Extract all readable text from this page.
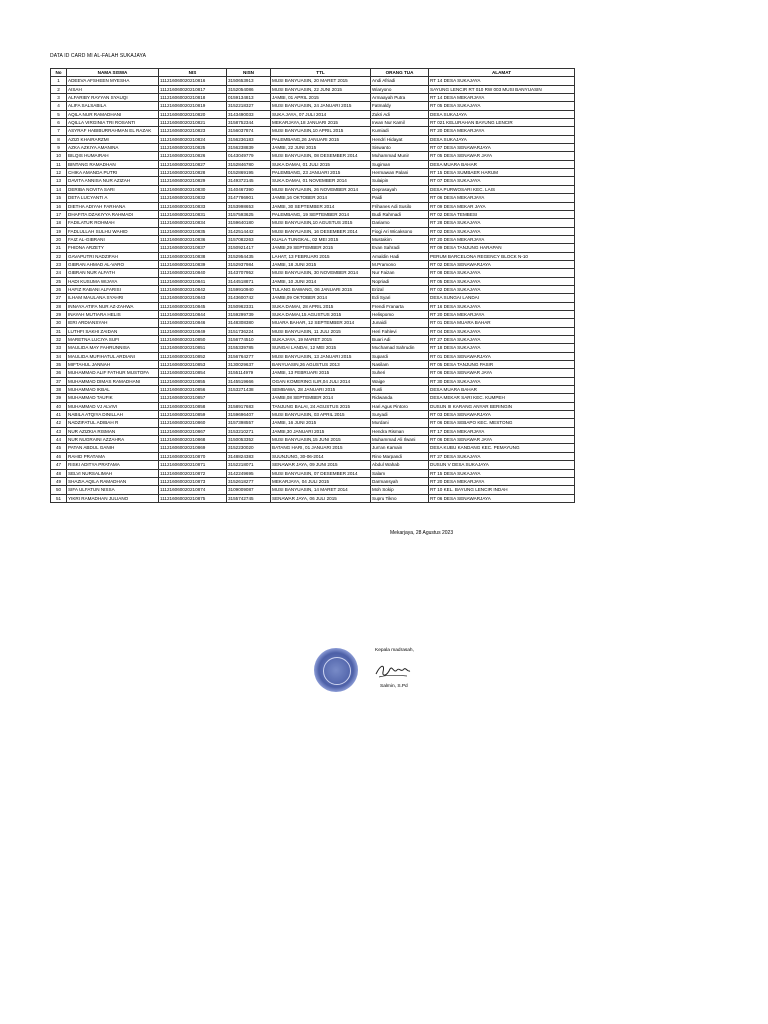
DATA ID CARD MI AL-FALAH SUKAJAYA
No	NAMA SISWA	NIS	NISN	TTL	ORANG TUA	ALAMAT
1	ADEEVA AFSHEEN MYESHA	111216060020210816	3150653913	MUSI BANYUASIN, 20 MARET 2015	Andi Afriadi	RT 14 DESA SUKAJAYA
2	AISAH	111216060020210817	3152054086	MUSI BANYUASIN, 22 JUNI 2015	Wiaryono	SAYUNG LENCIR RT 010 RW 003 MUSI BANYUASIN
3	ALFARIBY RAYYAN SYAUQI	111216060020210818	0159134813	JAMBI, 01 APRIL 2015	Armaayah Putra	RT 14 DESA MEKARJAYA
4	ALIFA SALSABILA	111216060020210819	3152218327	MUSI BANYUASIN, 24 JANUARI 2015	Fatmaldy	RT 05 DESA SUKAJAYA
5	AQILA NUR RAMADHANI	111216060020210820	3143490033	SUKA JAYA, 07 JULI 2014	Zukri Adi	DESA SUKAJAYA
6	AQILLA VIRGINIA TRI ROSANTI	111216060020210821	3158752344	MEKARJAYA,18 JANUARI 2015	Irwan Nur Kamil	RT 021 KELURAHAN BAYUNG LENCIR
7	ASYRAF HABIBURRAHMAN EL RAZAK	111216060020210823	3156037874	MUSI BANYUASIN,10 APRIL 2015	Kumiadi	RT 20 DESA MEKARJAYA
8	AZIZI KHAIRARZMI	111216060020210824	3156236183	PALEMBANG,26 JANUARI 2015	Hendri Hidayat	DESA SUKAJAYA
9	AZKA AZKIYA AMANINA	111216060020210825	3156238839	JAMBI, 22 JUNI 2015	Siswanto	RT 07 DESA SENAWARJAYA
10	BILQIS HUMAIRAH	111216060020210826	0143049779	MUSI BANYUASIN, 08 DESEMBER 2014	Muhammad Munir	RT 05 DESA SENAWAR JAYA
11	BINTANG RAMADHAN	111216060020210827	3152846780	SUKA DAMAI, 01 JULI 2015	Sugiman	DESA MUARA BAHAR
12	CHIKA AMANDA PUTRI	111216060020210828	0152869195	PALEMBANG, 23 JANUARI 2015	Hermawan Palani	RT 15 DESA SUMBAER HARUM
13	DAVITA ANNISA NUR AZIZAH	111216060020210829	3149372145	SUKA DAMAI, 01 NOVEMBER 2014	Sulaipin	RT 07 DESA SUKAJAYA
14	DERIBA NOVITA SARI	111216060020210830	3140467390	MUSI BANYUASIN, 26 NOVEMBER 2014	Deprasayah	DESA PURWOSARI KEC. LAIS
15	DETA LUCYANTI A	111216060020210832	3147786901	JAMBI,16 OKTOBER 2014	Paidi	RT 06 DESA MEKARJAYA
16	DIETHA ADIYAH FARHANA	111216060020210833	3153998653	JAMBI, 30 SEPTEMBER 2014	Frihanes Adi Susilo	RT 09 DESA MEKAR JAYA
17	DHAFITA DZAKIYYA RAHMADI	111216060020210831	3157593625	PALEMBANG, 19 SEPTEMBER 2014	Budi Rahmadi	RT 02 DESA TEMBESI
18	FADILATUR ROHMAH	111216060020210834	3159640180	MUSI BANYUASIN,10 AGUSTUS 2015	Dariarno	RT 28 DESA SUKAJAYA
19	FADLULLAH SULHU WAHID	111216060020210835	3142514442	MUSI BANYUASIN, 16 DESEMBER 2014	Fiogi Ari Wicaksono	RT 02 DESA SUKAJAYA
20	FAIZ AL-GIBRANI	111216060020210836	3157082263	KUALA TUNGKAL, 02 MEI 2015	Mustakim	RT 20 DESA MEKARJAYA
21	FHIDNA ARZETY	111216060020210837	3150921417	JAMBI,29 SEPTEMBER 2015	Evan Sahradi	RT 09 DESA TANJUNG HARAPAN
22	GAVAPUTRI NADZIFAH	111216060020210838	3152954435	LAHAT, 13 FEBRUARI 2015	Amaldin Hadi	PERUM BARCELONA REGENCY BLOCK N-10
23	GIBRAN AHMAD AL-VARO	111216060020210839	3152937984	JAMBI, 18 JUNI 2015	M.Pramono	RT 02 DESA SENAWARJAYA
24	GIBRAN NUR ALFATH	111216060020210840	3143707952	MUSI BANYUASIN, 30 NOVEMBER 2014	Nur Faizan	RT 08 DESA SUKAJAYA
25	HADI KUSUMA WIJAYA	111216060020210841	3144518871	JAMBI, 10 JUNI 2014	Nopriadi	RT 05 DESA SUKAJAYA
26	HAFIZ RABANI ALFARISI	111216060020210842	3159910940	TULANG BAWANG, 06 JANUARI 2015	Erizal	RT 02 DESA SUKAJAYA
27	ILHAM MAULANA SYAHRI	111216060020210843	3143600742	JAMBI,09 OKTOBER 2014	Edi Syari	DESA SUNGAI LANDAI
28	INNAYA ATIFA NUR AZ-ZAHWA	111216060020210845	3150962331	SUKA DAMAI, 28 APRIL 2015	Frendi Franarta	RT 16 DESA SUKAJAYA
29	INAYAH MUTIARA HELIS	111216060020210844	3159299739	SUKA DAMAI,15 AGUSTUS 2015	Helispomo	RT 20 DESA MEKARJAYA
30	IERI ARDIANSYAH	111216060020210846	3148308380	MUARA BAHAR, 12 SEPTEMBER 2014	Junaidi	RT 01 DESA MUARA BAHAR
31	LUTHFI SAKHI ZAIDAN	111216060020210849	3151736224	MUSI BANYUASIN, 11 JULI 2015	Heri Fahlevi	RT 04 DESA SUKAJAYA
32	MARETNA LUCIYA SUFI	111216060020210850	3156774510	SUKAJAYA, 19 MARET 2015	Buari Adi	RT 27 DESA SUKAJAYA
33	MAULIDA MAY FAHRUNNISA	111216060020210851	3155339785	SUNGAI LANDAI, 12 MEI 2015	Muchamad Sahrudin	RT 18 DESA SUKAJAYA
34	MAULIDA MUFIHATUL ARDIANI	111216060020210852	3156764277	MUSI BANYUASIN, 13 JANUARI 2015	Supardi	RT 01 DESA SENAWARJAYA
35	MIFTAHUL JANNAH	111216060020210853	3130029637	BANYUASIN,26 AGUSTUS 2013	Nasilam	RT 05 DESA TANJUNG PASIR
36	MUHAMMAD ALIF FATHUR MUSTOFA	111216060020210854	3155114979	JAMBI, 13 FEBRUARI 2015	Suheri	RT 06 DESA SENAWAR JAYA
37	MUHAMMAD DIMAS RAMADHANI	111216060020210855	3145519666	OGAN KOMERING ILIR,04 JULI 2014	Waige	RT 30 DESA SUKAJAYA
38	MUHAMMAD IKBAL	111216060020210856	3153271438	SEMBAWA, 28 JANUARI 2015	Rusli	DESA MUARA BAHAR
39	MUHAMMAD TAUFIK	111216060020210857		JAMBI,08 SEPTEMBER 2014	Ridwanda	DESA MEKAR SARI KEC. KUMPEH
40	MUHAMMAD VJ ALVIVI	111216060020210858	3158917683	TANJUNG BALAI, 24 AGUSTUS 2015	Hari Agus Pintoro	DUSUN III KARANG ANYAR BERINGIN
41	NABILA ATQIYA DINILLAH	111216060020210859	3159696407	MUSI BANYUASIN, 03 APRIL 2015	Suryadi	RT 03 DESA SENAWARJAYA
42	NADZIFATUL ADIBAH R	111216060020210860	3157398557	JAMBI, 16 JUNI 2015	Murdani	RT 06 DESA SEBAPO KEC. MESTONG
43	NUR AZIZKIA RISMAN	111216060020210867	3153210271	JAMBI,30 JANUARI 2015	Hendra Risman	RT 17 DESA MEKARJAYA
44	NUR NUGRAINI AZZAHRA	111216060020210868	3150053352	MUSI BANYUASIN,15 JUNI 2015	Muhammad Ali Ilwani	RT 06 DESA SENAWAR JAYA
45	PATAN ABDUL GANIH	111216060020210869	3152230020	BATANG HARI, 01 JANUARI 2015	Jun'an Kamain	DESA KUBU KANDANG KEC. PEMAYUNG
46	RAHID PRATAMA	111216060020210870	3148824383	SUUNJUNG, 30-06-2014	Rino Marpandi	RT 27 DESA SUKAJAYA
47	RISKI ADITYA PRATAMA	111216060020210871	3152218071	SENAWAR JAYA, 09 JUNI 2015	Abdul Wahab	DUSUN V DESA SUKAJAYA
48	SELVI NURSALIMAH	111216060020210872	3142249695	MUSI BANYUASIN, 07 DESEMBER 2014	Salam	RT 15 DESA SUKAJAYA
49	SHAZIA AQILA RAMADHAN	111216060020210873	3152618277	MEKARJAYA, 04 JULI 2015	Darmansyah	RT 20 DESA MEKARJAYA
50	SIFA ULFATUN NISSA	111216060020210874	3109009087	MUSI BANYUASIN, 14 MARET 2014	Moh Sokip	RT 10 KEL. BAYUNG LENCIR INDAH
51	YIKRI RAMADHAN JULIANO	111216060020210875	3155742745	SENAWAR JAYA, 06 JULI 2015	Supru Tikno	RT 06 DESA SENAWARJAYA
Mekarjaya, 28 Agustus 2023
Kepala madrasah,
Salmin, S.Pd
